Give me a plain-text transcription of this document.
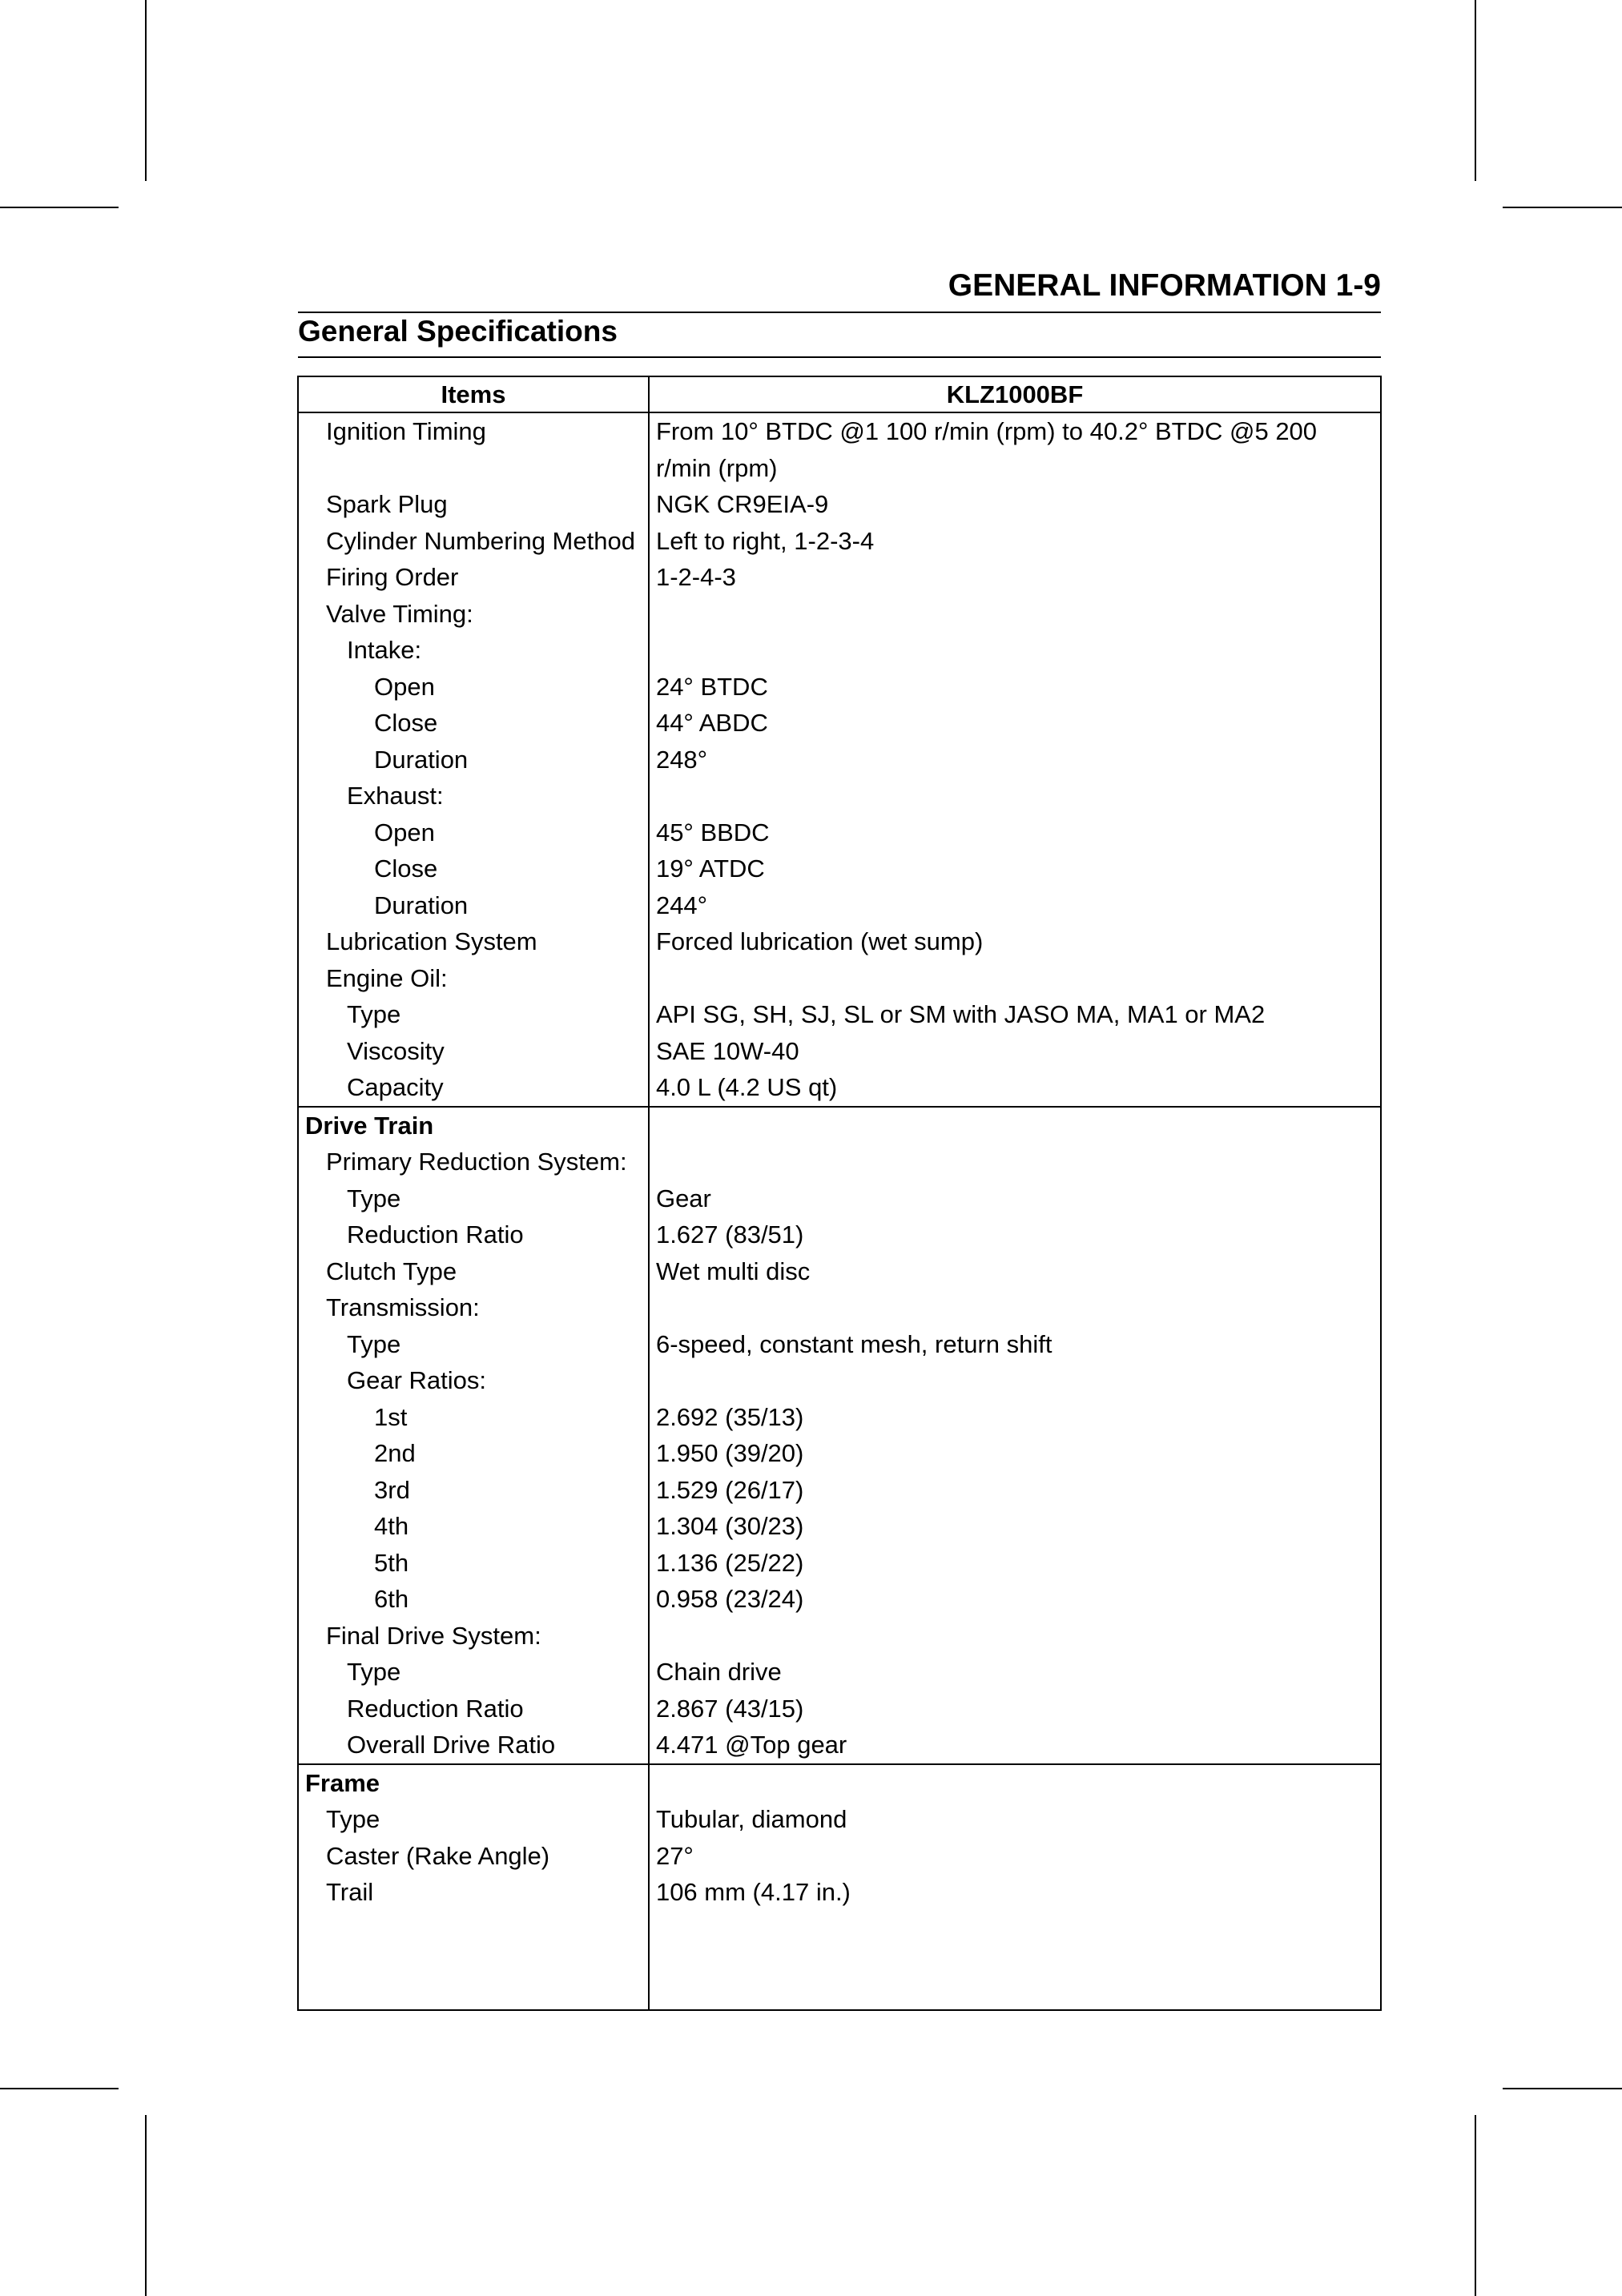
GENERAL INFORMATION 1-9
General Specifications
Items	KLZ1000BF
Ignition Timing	From 10° BTDC @1 100 r/min (rpm) to 40.2° BTDC @5 200 r/min (rpm)
Spark Plug	NGK CR9EIA-9
Cylinder Numbering Method	Left to right, 1-2-3-4
Firing Order	1-2-4-3
Valve Timing:	
Intake:	
Open	24° BTDC
Close	44° ABDC
Duration	248°
Exhaust:	
Open	45° BBDC
Close	19° ATDC
Duration	244°
Lubrication System	Forced lubrication (wet sump)
Engine Oil:	
Type	API SG, SH, SJ, SL or SM with JASO MA, MA1 or MA2
Viscosity	SAE 10W-40
Capacity	4.0 L (4.2 US qt)
Drive Train	
Primary Reduction System:	
Type	Gear
Reduction Ratio	1.627 (83/51)
Clutch Type	Wet multi disc
Transmission:	
Type	6-speed, constant mesh, return shift
Gear Ratios:	
1st	2.692 (35/13)
2nd	1.950 (39/20)
3rd	1.529 (26/17)
4th	1.304 (30/23)
5th	1.136 (25/22)
6th	0.958 (23/24)
Final Drive System:	
Type	Chain drive
Reduction Ratio	2.867 (43/15)
Overall Drive Ratio	4.471 @Top gear
Frame	
Type	Tubular, diamond
Caster (Rake Angle)	27°
Trail	106 mm (4.17 in.)
